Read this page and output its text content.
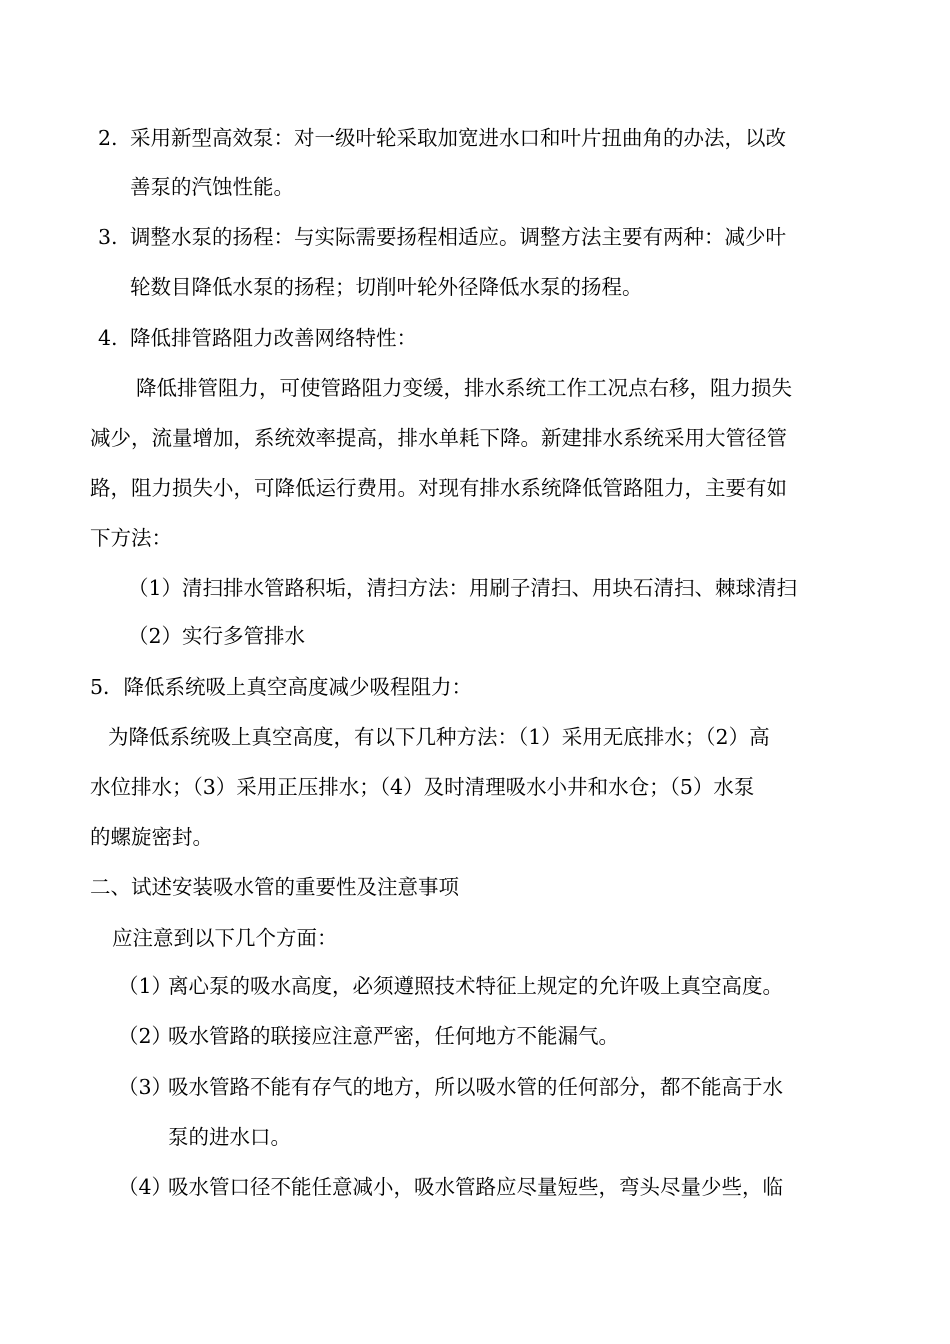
2. 采用新型高效泵：对一级叶轮采取加宽进水口和叶片扭曲角的办法，以改
善泵的汽蚀性能。
3. 调整水泵的扬程：与实际需要扬程相适应。调整方法主要有两种：减少叶
轮数目降低水泵的扬程；切削叶轮外径降低水泵的扬程。
4. 降低排管路阻力改善网络特性：
降低排管阻力，可使管路阻力变缓，排水系统工作工况点右移，阻力损失
减少，流量增加，系统效率提高，排水单耗下降。新建排水系统采用大管径管
路，阻力损失小，可降低运行费用。对现有排水系统降低管路阻力，主要有如
下方法：
（1）清扫排水管路积垢，清扫方法：用刷子清扫、用块石清扫、棘球清扫
（2）实行多管排水
5．降低系统吸上真空高度减少吸程阻力：
为降低系统吸上真空高度，有以下几种方法：（1）采用无底排水；（2）高
水位排水；（3）采用正压排水；（4）及时清理吸水小井和水仓；（5）水泵
的螺旋密封。
二、试述安装吸水管的重要性及注意事项
应注意到以下几个方面：
（1）
离心泵的吸水高度，必须遵照技术特征上规定的允许吸上真空高度。
（2）
吸水管路的联接应注意严密，任何地方不能漏气。
（3）
吸水管路不能有存气的地方，所以吸水管的任何部分，都不能高于水
泵的进水口。
（4）
吸水管口径不能任意减小，吸水管路应尽量短些，弯头尽量少些，临
